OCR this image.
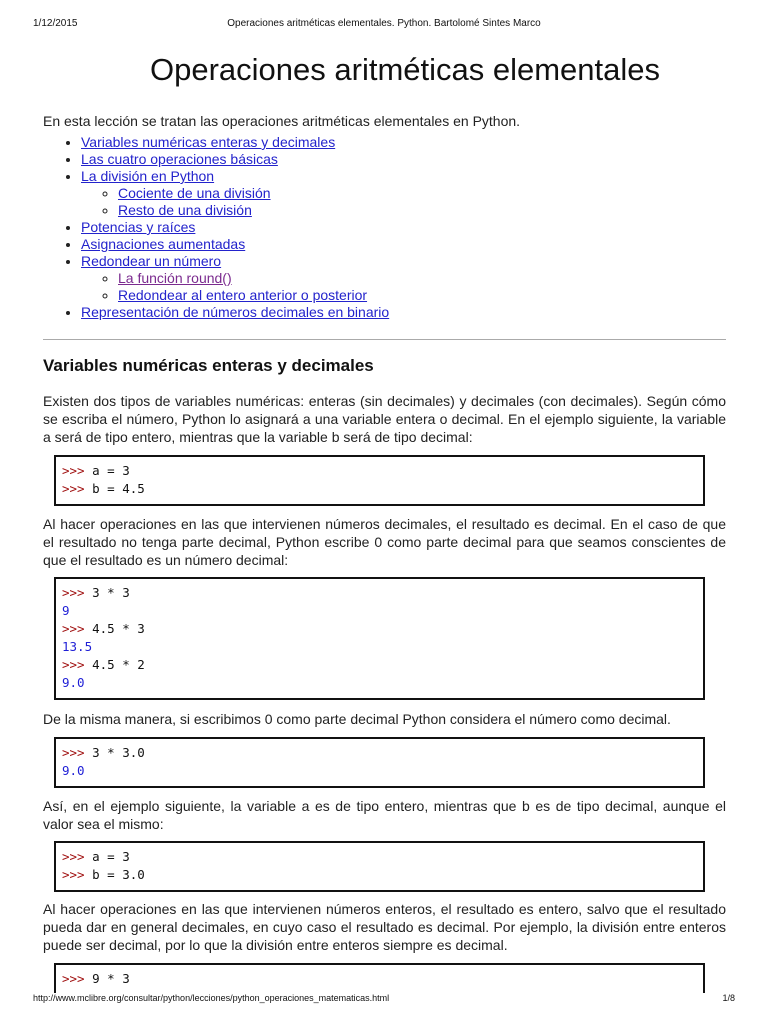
1/12/2015	Operaciones aritméticas elementales. Python. Bartolomé Sintes Marco
Operaciones aritméticas elementales

En esta lección se tratan las operaciones aritméticas elementales en Python.

• Variables numéricas enteras y decimales
• Las cuatro operaciones básicas
• La división en Python
◦ Cociente de una división
◦ Resto de una división
• Potencias y raíces
• Asignaciones aumentadas
• Redondear un número
◦ La función round()
◦ Redondear al entero anterior o posterior
• Representación de números decimales en binario
Variables numéricas enteras y decimales

Existen dos tipos de variables numéricas: enteras (sin decimales) y decimales (con decimales). Según cómo se escriba el número, Python lo asignará a una variable entera o decimal. En el ejemplo siguiente, la variable a será de tipo entero, mientras que la variable b será de tipo decimal:

>>> a = 3
>>> b = 4.5

Al hacer operaciones en las que intervienen números decimales, el resultado es decimal. En el caso de que el resultado no tenga parte decimal, Python escribe 0 como parte decimal para que seamos conscientes de que el resultado es un número decimal:

>>> 3 * 3
9
>>> 4.5 * 3
13.5
>>> 4.5 * 2
9.0

De la misma manera, si escribimos 0 como parte decimal Python considera el número como decimal.

>>> 3 * 3.0
9.0

Así, en el ejemplo siguiente, la variable a es de tipo entero, mientras que b es de tipo decimal, aunque el valor sea el mismo:

>>> a = 3
>>> b = 3.0

Al hacer operaciones en las que intervienen números enteros, el resultado es entero, salvo que el resultado pueda dar en general decimales, en cuyo caso el resultado es decimal. Por ejemplo, la división entre enteros puede ser decimal, por lo que la división entre enteros siempre es decimal.

>>> 9 * 3
http://www.mclibre.org/consultar/python/lecciones/python_operaciones_matematicas.html	1/8
